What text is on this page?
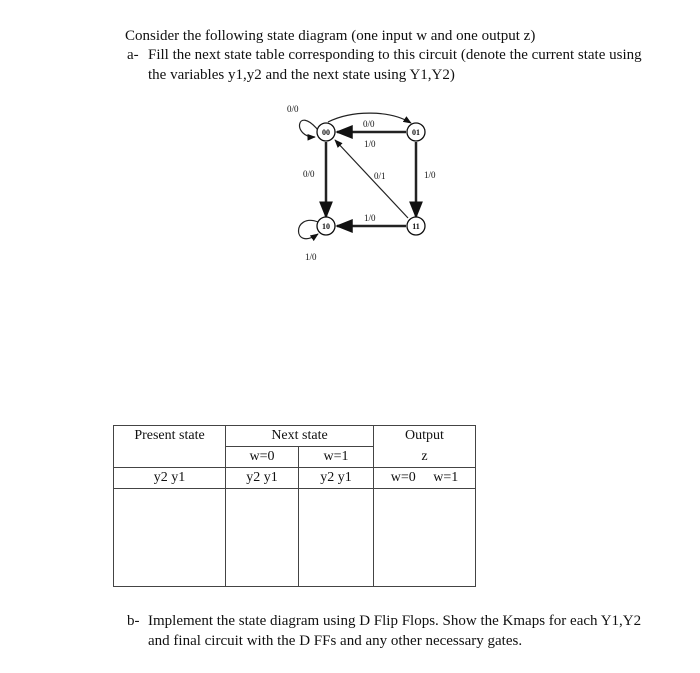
Consider the following state diagram (one input w and one output z)
a- Fill the next state table corresponding to this circuit (denote the current state using
the variables y1,y2 and the next state using Y1,Y2)
0/0
0/0
1/0
0/0	0/1	1/0
1/0
1/0
00	01
10	11
Present state	Next state		Output
	w=0	w=1	z
y2 y1	y2 y1	y2 y1	w=0 w=1

b- Implement the state diagram using D Flip Flops. Show the Kmaps for each Y1,Y2
and final circuit with the D FFs and any other necessary gates.
